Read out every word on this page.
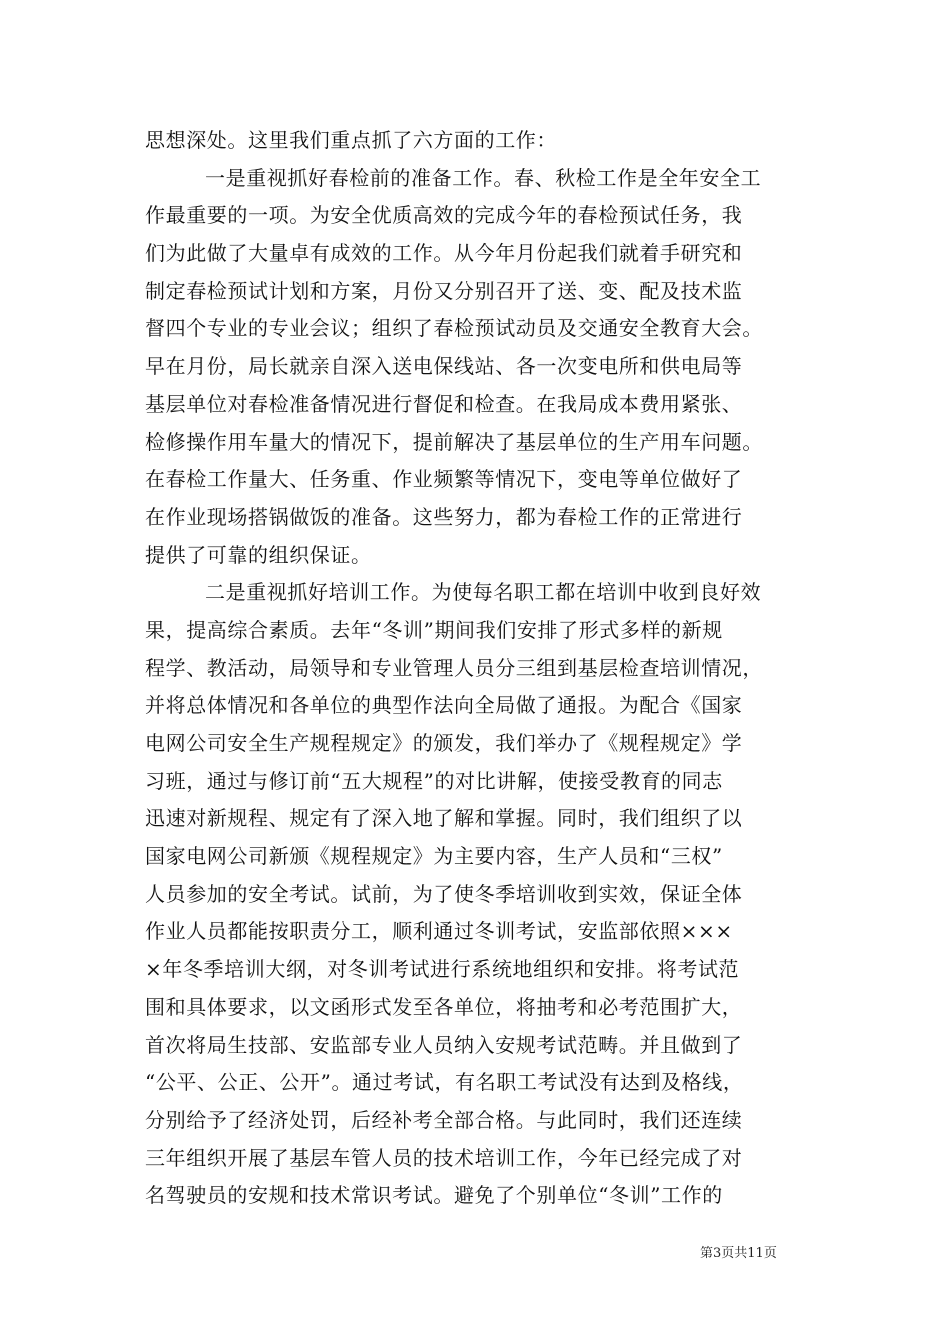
思想深处。这里我们重点抓了六方面的工作：
一是重视抓好春检前的准备工作。春、秋检工作是全年安全工
作最重要的一项。为安全优质高效的完成今年的春检预试任务，我
们为此做了大量卓有成效的工作。从今年月份起我们就着手研究和
制定春检预试计划和方案，月份又分别召开了送、变、配及技术监
督四个专业的专业会议；组织了春检预试动员及交通安全教育大会。
早在月份，局长就亲自深入送电保线站、各一次变电所和供电局等
基层单位对春检准备情况进行督促和检查。在我局成本费用紧张、
检修操作用车量大的情况下，提前解决了基层单位的生产用车问题。
在春检工作量大、任务重、作业频繁等情况下，变电等单位做好了
在作业现场搭锅做饭的准备。这些努力，都为春检工作的正常进行
提供了可靠的组织保证。
二是重视抓好培训工作。为使每名职工都在培训中收到良好效
果，提高综合素质。去年“冬训”期间我们安排了形式多样的新规
程学、教活动，局领导和专业管理人员分三组到基层检查培训情况，
并将总体情况和各单位的典型作法向全局做了通报。为配合《国家
电网公司安全生产规程规定》的颁发，我们举办了《规程规定》学
习班，通过与修订前“五大规程”的对比讲解，使接受教育的同志
迅速对新规程、规定有了深入地了解和掌握。同时，我们组织了以
国家电网公司新颁《规程规定》为主要内容，生产人员和“三权”
人员参加的安全考试。试前，为了使冬季培训收到实效，保证全体
作业人员都能按职责分工，顺利通过冬训考试，安监部依照×××
×年冬季培训大纲，对冬训考试进行系统地组织和安排。将考试范
围和具体要求，以文函形式发至各单位，将抽考和必考范围扩大，
首次将局生技部、安监部专业人员纳入安规考试范畴。并且做到了
“公平、公正、公开”。通过考试，有名职工考试没有达到及格线，
分别给予了经济处罚，后经补考全部合格。与此同时，我们还连续
三年组织开展了基层车管人员的技术培训工作，今年已经完成了对
名驾驶员的安规和技术常识考试。避免了个别单位“冬训”工作的
第3页共11页
